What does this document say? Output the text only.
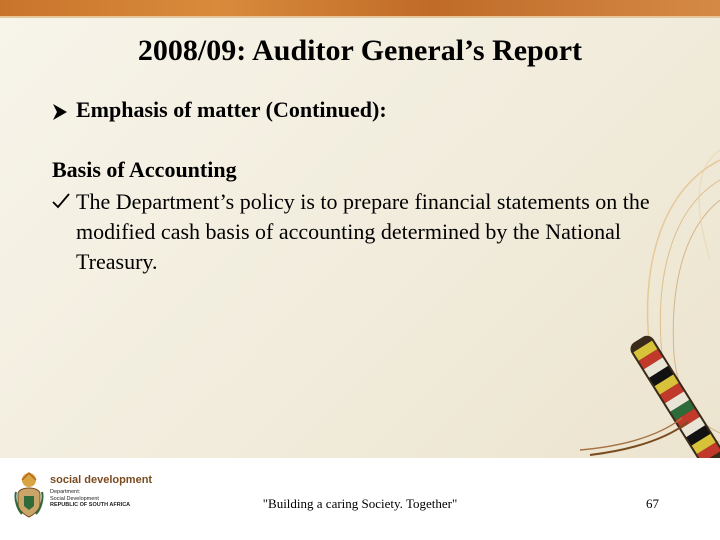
2008/09: Auditor General’s Report
Emphasis of matter (Continued):
Basis of Accounting
The Department’s policy is to prepare financial statements on the modified cash basis of accounting determined by the National Treasury.
social development
Department:
Social Development
REPUBLIC OF SOUTH AFRICA	"Building a caring Society. Together"	67
